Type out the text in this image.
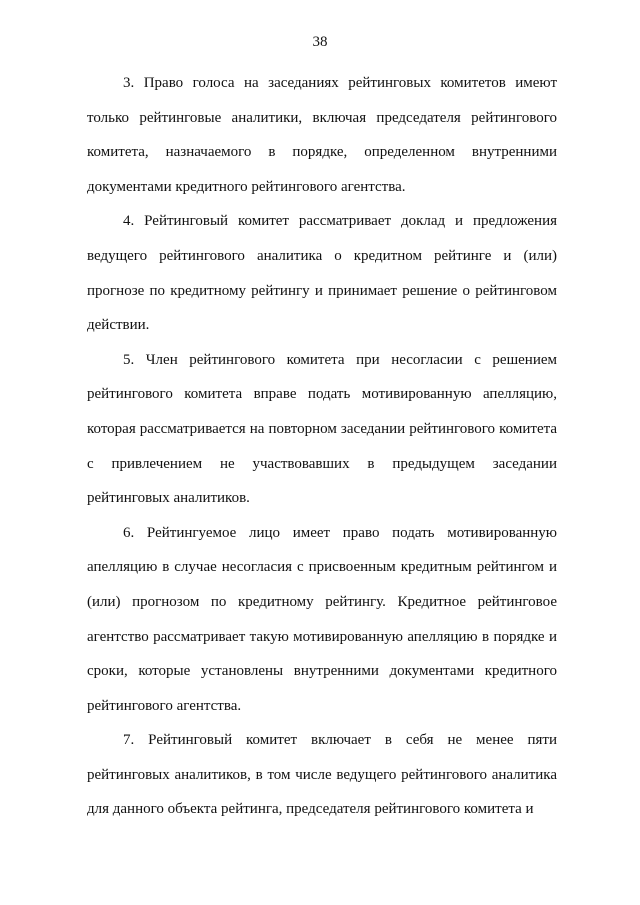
38

3. Право голоса на заседаниях рейтинговых комитетов имеют только рейтинговые аналитики, включая председателя рейтингового комитета, назначаемого в порядке, определенном внутренними документами кредитного рейтингового агентства.

4. Рейтинговый комитет рассматривает доклад и предложения ведущего рейтингового аналитика о кредитном рейтинге и (или) прогнозе по кредитному рейтингу и принимает решение о рейтинговом действии.

5. Член рейтингового комитета при несогласии с решением рейтингового комитета вправе подать мотивированную апелляцию, которая рассматривается на повторном заседании рейтингового комитета с привлечением не участвовавших в предыдущем заседании рейтинговых аналитиков.

6. Рейтингуемое лицо имеет право подать мотивированную апелляцию в случае несогласия с присвоенным кредитным рейтингом и (или) прогнозом по кредитному рейтингу. Кредитное рейтинговое агентство рассматривает такую мотивированную апелляцию в порядке и сроки, которые установлены внутренними документами кредитного рейтингового агентства.

7. Рейтинговый комитет включает в себя не менее пяти рейтинговых аналитиков, в том числе ведущего рейтингового аналитика для данного объекта рейтинга, председателя рейтингового комитета и
